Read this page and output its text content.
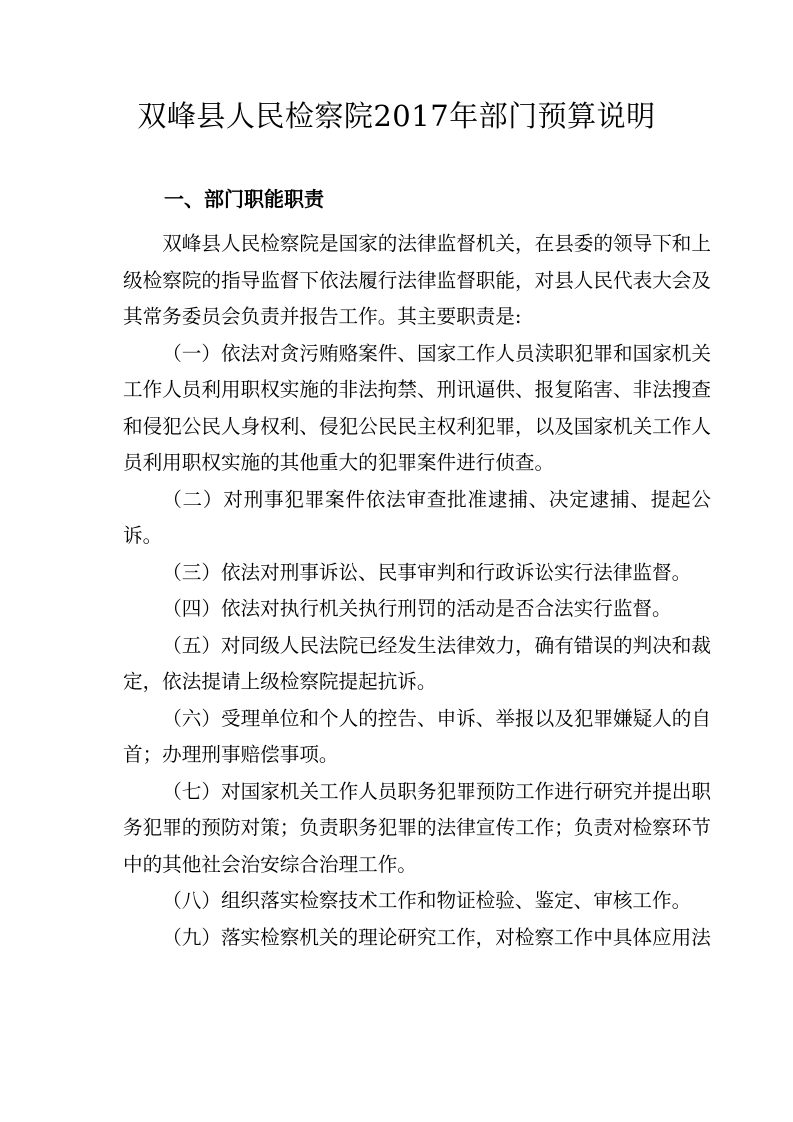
双峰县人民检察院2017年部门预算说明
一、部门职能职责

双峰县人民检察院是国家的法律监督机关，在县委的领导下和上级检察院的指导监督下依法履行法律监督职能，对县人民代表大会及其常务委员会负责并报告工作。其主要职责是:

（一）依法对贪污贿赂案件、国家工作人员渎职犯罪和国家机关工作人员利用职权实施的非法拘禁、刑讯逼供、报复陷害、非法搜查和侵犯公民人身权利、侵犯公民民主权利犯罪，以及国家机关工作人员利用职权实施的其他重大的犯罪案件进行侦查。

（二）对刑事犯罪案件依法审查批准逮捕、决定逮捕、提起公诉。

（三）依法对刑事诉讼、民事审判和行政诉讼实行法律监督。

（四）依法对执行机关执行刑罚的活动是否合法实行监督。

（五）对同级人民法院已经发生法律效力，确有错误的判决和裁定，依法提请上级检察院提起抗诉。

（六）受理单位和个人的控告、申诉、举报以及犯罪嫌疑人的自首；办理刑事赔偿事项。

（七）对国家机关工作人员职务犯罪预防工作进行研究并提出职务犯罪的预防对策；负责职务犯罪的法律宣传工作；负责对检察环节中的其他社会治安综合治理工作。

（八）组织落实检察技术工作和物证检验、鉴定、审核工作。

（九）落实检察机关的理论研究工作，对检察工作中具体应用法
